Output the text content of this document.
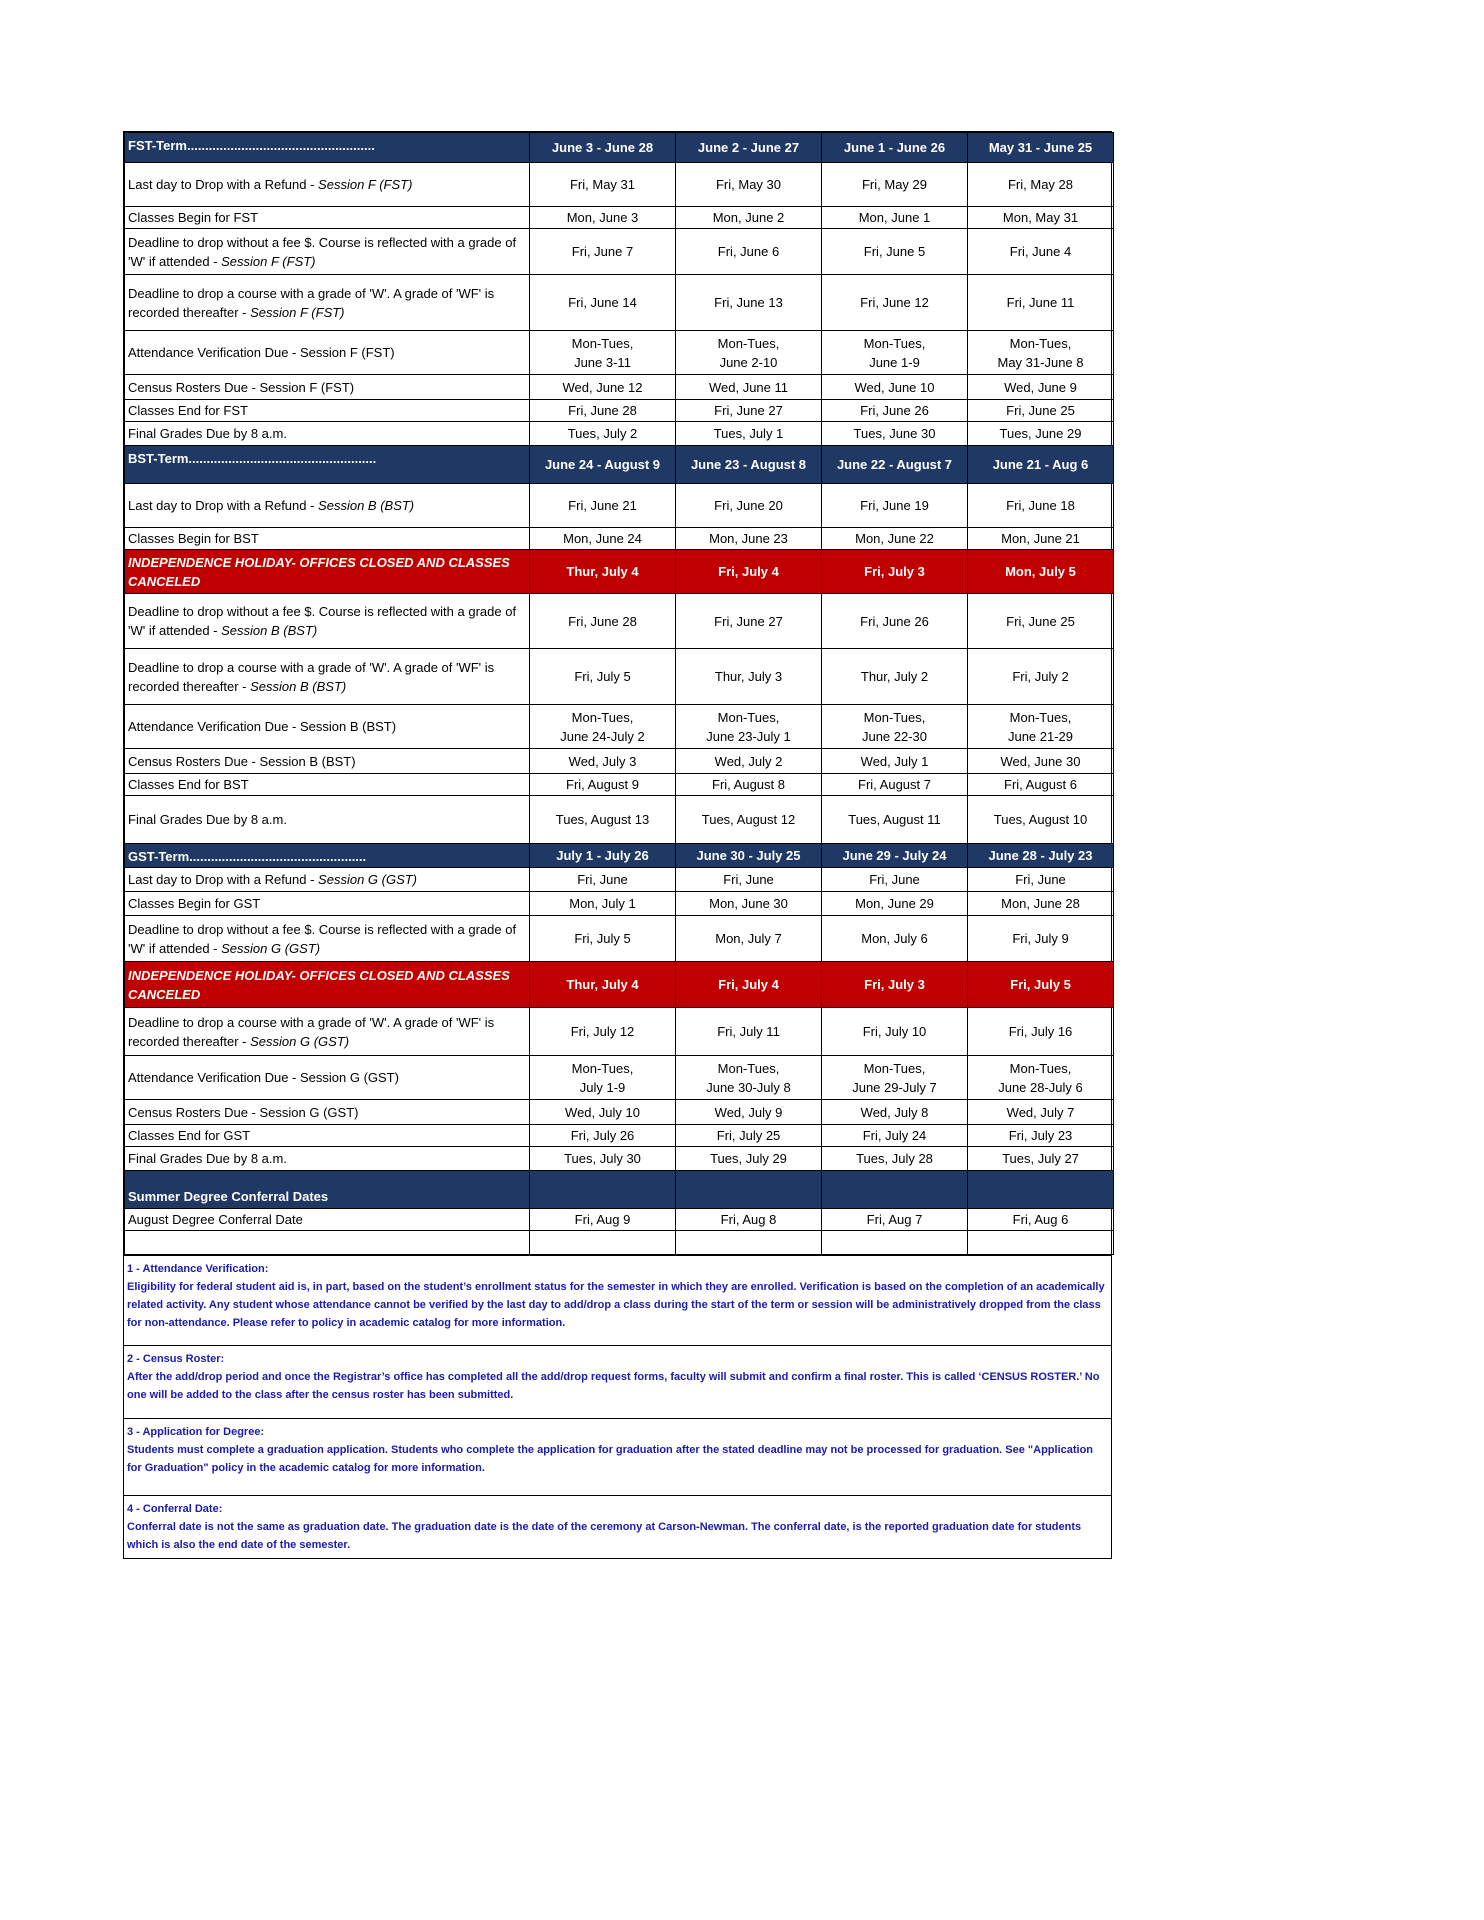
FST-Term....................................................	June 3 - June 28	June 2 - June 27	June 1 - June 26	May 31 - June 25
Last day to Drop with a Refund - Session F (FST)	Fri, May 31	Fri, May 30	Fri, May 29	Fri, May 28

Classes Begin for FST	Mon, June 3	Mon, June 2	Mon, June 1	Mon, May 31

Deadline to drop without a fee $. Course is reflected with a grade of 'W' if attended - Session F (FST)	Fri, June 7	Fri, June 6	Fri, June 5	Fri, June 4

Deadline to drop a course with a grade of 'W'. A grade of 'WF' is recorded thereafter - Session F (FST)	Fri, June 14	Fri, June 13	Fri, June 12	Fri, June 11

Attendance Verification Due - Session F (FST)	Mon-Tues,
June 3-11	Mon-Tues,
June 2-10	Mon-Tues,
June 1-9	Mon-Tues,
May 31-June 8

Census Rosters Due - Session F (FST)	Wed, June 12	Wed, June 11	Wed, June 10	Wed, June 9

Classes End for FST	Fri, June 28	Fri, June 27	Fri, June 26	Fri, June 25

Final Grades Due by 8 a.m.	Tues, July 2	Tues, July 1	Tues, June 30	Tues, June 29

BST-Term....................................................	June 24 - August 9	June 23 - August 8	June 22 - August 7	June 21 - Aug 6
Last day to Drop with a Refund - Session B (BST)	Fri, June 21	Fri, June 20	Fri, June 19	Fri, June 18

Classes Begin for BST	Mon, June 24	Mon, June 23	Mon, June 22	Mon, June 21

INDEPENDENCE HOLIDAY- OFFICES CLOSED AND CLASSES CANCELED	Thur, July 4	Fri, July 4	Fri, July 3	Mon, July 5
Deadline to drop without a fee $. Course is reflected with a grade of 'W' if attended - Session B (BST)	Fri, June 28	Fri, June 27	Fri, June 26	Fri, June 25

Deadline to drop a course with a grade of 'W'. A grade of 'WF' is recorded thereafter - Session B (BST)	Fri, July 5	Thur, July 3	Thur, July 2	Fri, July 2

Attendance Verification Due - Session B (BST)	Mon-Tues,
June 24-July 2	Mon-Tues,
June 23-July 1	Mon-Tues,
June 22-30	Mon-Tues,
June 21-29

Census Rosters Due - Session B (BST)	Wed, July 3	Wed, July 2	Wed, July 1	Wed, June 30

Classes End for BST	Fri, August 9	Fri, August 8	Fri, August 7	Fri, August 6

Final Grades Due by 8 a.m.	Tues, August 13	Tues, August 12	Tues, August 11	Tues, August 10

GST-Term.................................................	July 1 - July 26	June 30 - July 25	June 29 - July 24	June 28 - July 23
Last day to Drop with a Refund - Session G (GST)	Fri, June	Fri, June	Fri, June	Fri, June

Classes Begin for GST	Mon, July 1	Mon, June 30	Mon, June 29	Mon, June 28

Deadline to drop without a fee $. Course is reflected with a grade of 'W' if attended - Session G (GST)	Fri, July 5	Mon, July 7	Mon, July 6	Fri, July 9

INDEPENDENCE HOLIDAY- OFFICES CLOSED AND CLASSES CANCELED	Thur, July 4	Fri, July 4	Fri, July 3	Fri, July 5
Deadline to drop a course with a grade of 'W'. A grade of 'WF' is recorded thereafter - Session G (GST)	Fri, July 12	Fri, July 11	Fri, July 10	Fri, July 16

Attendance Verification Due - Session G (GST)	Mon-Tues,
July 1-9	Mon-Tues,
June 30-July 8	Mon-Tues,
June 29-July 7	Mon-Tues,
June 28-July 6

Census Rosters Due - Session G (GST)	Wed, July 10	Wed, July 9	Wed, July 8	Wed, July 7

Classes End for GST	Fri, July 26	Fri, July 25	Fri, July 24	Fri, July 23

Final Grades Due by 8 a.m.	Tues, July 30	Tues, July 29	Tues, July 28	Tues, July 27

Summer Degree Conferral Dates				
August Degree Conferral Date	Fri, Aug 9	Fri, Aug 8	Fri, Aug 7	Fri, Aug 6

1 - Attendance Verification:
Eligibility for federal student aid is, in part, based on the student’s enrollment status for the semester in which they are enrolled. Verification is based on the completion of an academically related activity. Any student whose attendance cannot be verified by the last day to add/drop a class during the start of the term or session will be administratively dropped from the class for non-attendance. Please refer to policy in academic catalog for more information.
2 - Census Roster:
After the add/drop period and once the Registrar’s office has completed all the add/drop request forms, faculty will submit and confirm a final roster. This is called ‘CENSUS ROSTER.’ No one will be added to the class after the census roster has been submitted.
3 - Application for Degree:
Students must complete a graduation application. Students who complete the application for graduation after the stated deadline may not be processed for graduation. See "Application for Graduation" policy in the academic catalog for more information.
4 - Conferral Date:
Conferral date is not the same as graduation date. The graduation date is the date of the ceremony at Carson-Newman. The conferral date, is the reported graduation date for students which is also the end date of the semester.
